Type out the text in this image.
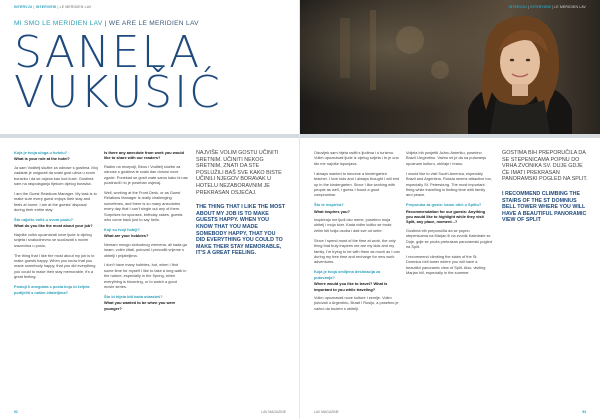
INTERVJU | INTERVIEW | LE MERIDIEN LAV
MI SMO LE MERIDIEN LAV | WE ARE LE MERIDIEN LAV
SANELA
VUKUŠIĆ

Koja je tvoja uloga u hotelu?

What is your role at the hotel?

Ja sam Voditelj službe za odnose s gostima. Moj zadatak je osigurati da svaki gost uživa u svom boravku i da se osjeća kao kod kuće. Gostima sam na raspolaganju tijekom cijelog boravka.

I am the Guest Relations Manager. My task is to make sure every guest enjoys their stay and feels at home. I am at the guests’ disposal during their entire stay.

Što najviše voliš u svom poslu?

What do you like the most about your job?

Najviše volim upoznavati nove ljude iz cijelog svijeta i svakodnevno se suočavati s novim izazovima u poslu.

The thing that I like the most about my job is to make guests happy. When you know that you made somebody happy, that you did everything you could to make their stay memorable, it’s a great feeling.

Postoji li anegdota s posla koju bi željela podijeliti s našim čitateljima?

Is there any anecdote from work you would like to share with our readers?

Radim na recepciji, Birou i Voditelj službe za odnose s gostima te svaki dan donosi nove zgode. Ponekad se gosti vrate samo kako bi nas pozdravili i to je poseban osjećaj.

Well, working at the Front Desk, or as Guest Relations Manager is really challenging sometimes, and there is so many anecdotes every day that I can’t single out any of them. Surprises for spouses, birthday cakes, guests who come back just to say hello.

Koji su tvoji hobiji?

What are your hobbies?

Nemam mnogo slobodnog vremena, ali kada ga imam, volim čitati, putovati i provoditi vrijeme s obitelji i prijateljima.

I don’t have many hobbies, but, when I find some time for myself I like to take a long walk in the nature, especially in the Spring, when everything is blooming, or to watch a good movie series.

Što bi htjela biti kada odrasteš?

What you wanted to be when you were younger?

NAJVIŠE VOLIM GOSTU UČINITI SRETNIM. UČINITI NEKOG SRETNIM, ZNATI DA STE POSLUŽILI BAŠ SVE KAKO BISTE UČINILI NJEGOV BORAVAK U HOTELU NEZABORAVNIM JE PREKRASAN OSJEĆAJ.

THE THING THAT I LIKE THE MOST ABOUT MY JOB IS TO MAKE GUESTS HAPPY. WHEN YOU KNOW THAT YOU MADE SOMEBODY HAPPY, THAT YOU DID EVERYTHING YOU COULD TO MAKE THEIR STAY MEMORABLE, IT’S A GREAT FEELING.

92	LAV MAGAZINE
INTERVJU | INTERVIEW | LE MERIDIEN LAV

Oduvijek sam htjela raditi s ljudima i u turizmu. Volim upoznavati ljude iz cijelog svijeta i to je ono što me najviše ispunjava.

I always wanted to become a kindergarten teacher. I love kids and I always thought I will end up in the kindergarten. Since I like working with people as well, I guess I found a good compromise.

Što te inspirira?

What inspires you?

Inspiriraju me ljudi oko mene, posebno moja obitelj i moja kćer. Kada vidim koliko se trude, želim biti bolja osoba i dati sve od sebe.

Since I spend most of the time at work, the only thing that truly inspires me are my kids and my family. I’m trying to be with them as much as I can during my free time and recharge for new work adventures.

Koja je tvoja omiljena destinacija za putovanja?

Where would you like to travel? What is important to you while traveling?

Volim upoznavati nove kulture i zemlje. Volim putovati u Argentinu, Brazil i Rusiju, a posebno je važno da budem s obitelji.

Voljela bih posjetiti Južnu Ameriku, posebno Brazil i Argentinu. Važno mi je da na putovanju upoznam kulturu, običaje i hranu.

I would like to visit South America, especially Brazil and Argentina. Russia seems attractive too, especially St. Petersburg. The most important thing while travelling is finding time with family and peace.

Preporuka za goste: kamo otići u Splitu?

Recommendation for our guests: Anything you would like to highlight while they visit Split, any place, moment...?

Gostima bih preporučila da se popnu stepenicama na Marjan ili na zvonik Katedrale sv. Duje, gdje se pruža prekrasan panoramski pogled na Split.

I recommend climbing the stairs of the St Domnius bell tower where you will have a beautiful panoramic view of Split. Also, visiting Marjan hill, especially in the summer.

GOSTIMA BIH PREPORUČILA DA SE STEPENICAMA POPNU DO VRHA ZVONIKA SV. DUJE GDJE ĆE IMATI PREKRASAN PANORAMSKI POGLED NA SPLIT.

I RECOMMEND CLIMBING THE STAIRS OF THE ST DOMNIUS BELL TOWER WHERE YOU WILL HAVE A BEAUTIFUL PANORAMIC VIEW OF SPLIT

LAV MAGAZINE	93
